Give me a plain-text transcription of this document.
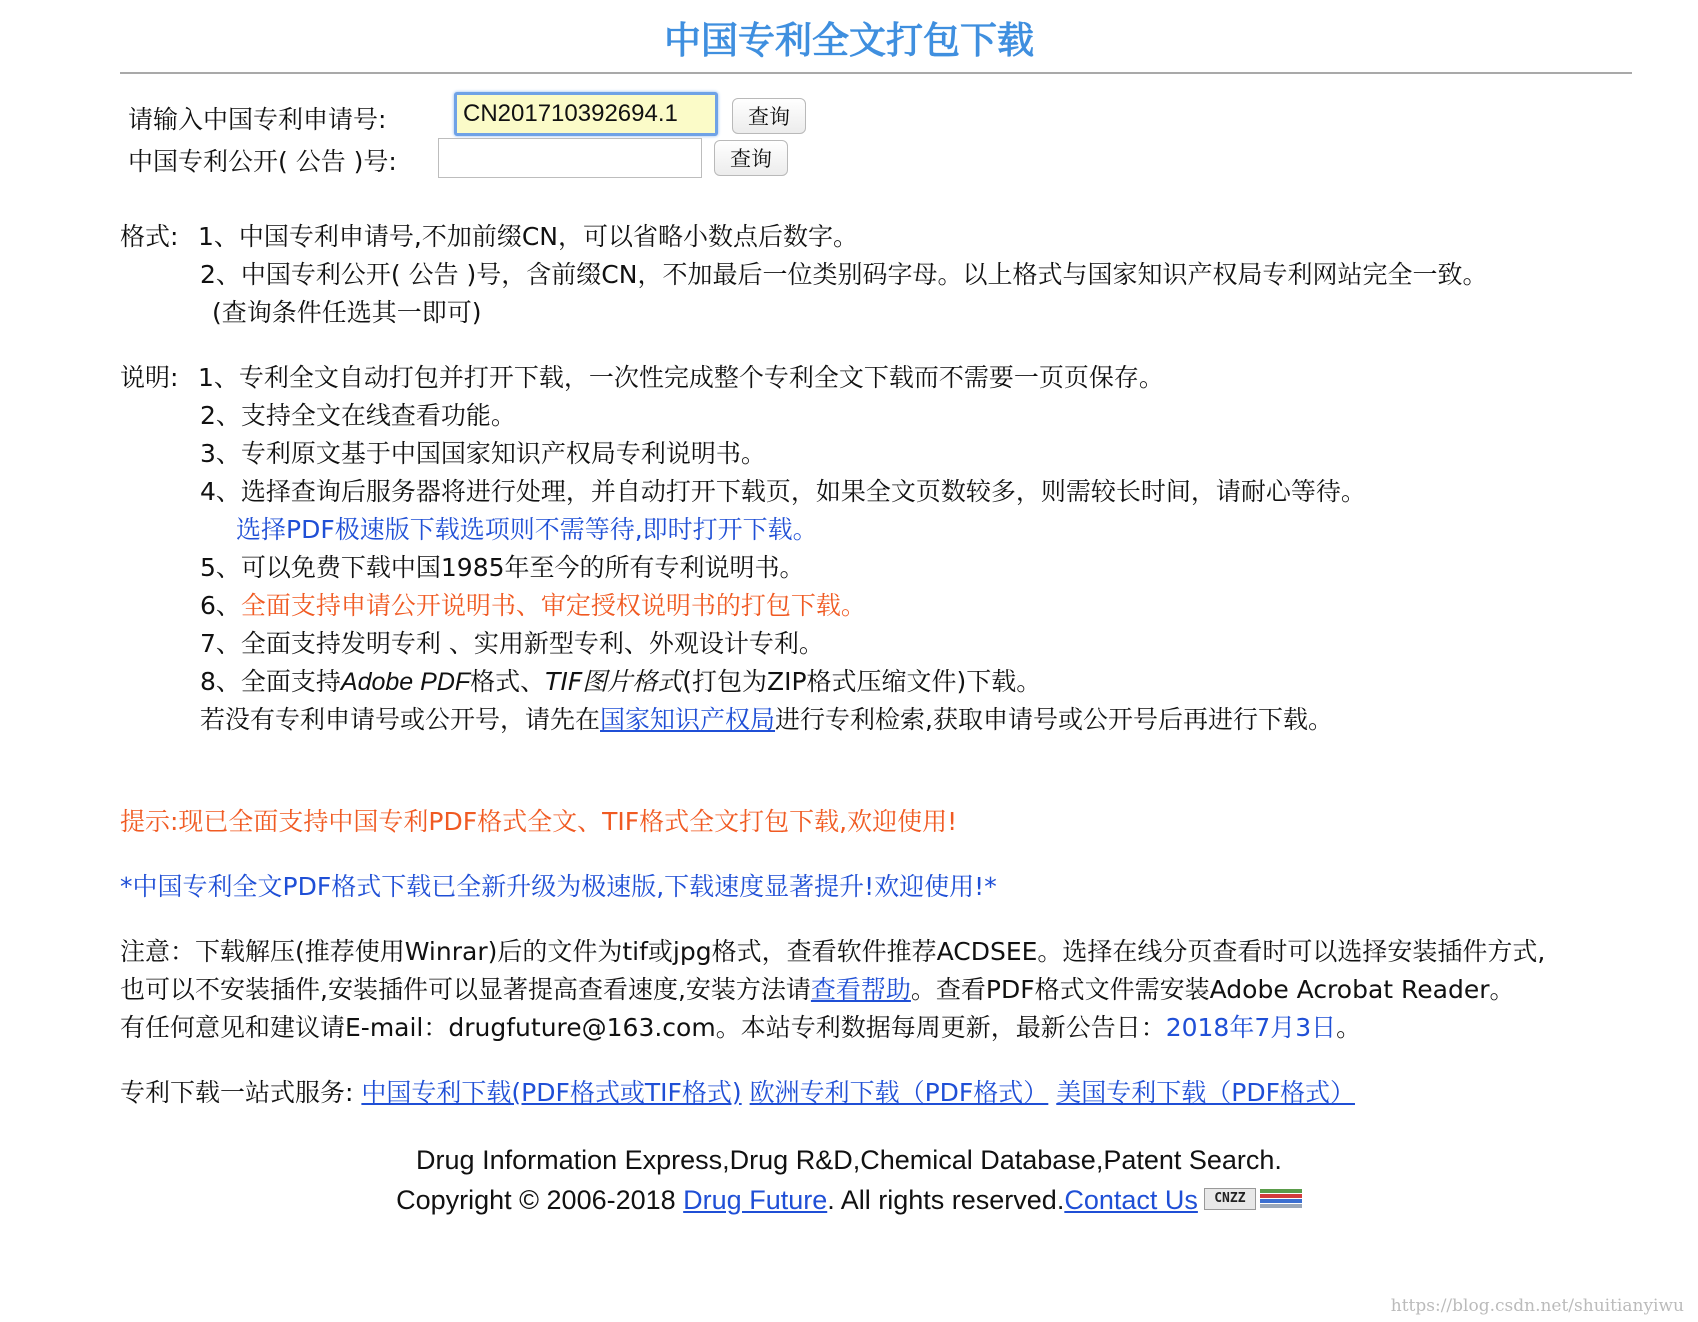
中国专利全文打包下载
请输入中国专利申请号:
CN201710392694.1	查询
中国专利公开( 公告 )号:	查询
格式: 1、中国专利申请号,不加前缀CN，可以省略小数点后数字。
2、中国专利公开( 公告 )号，含前缀CN，不加最后一位类别码字母。以上格式与国家知识产权局专利网站完全一致。
(查询条件任选其一即可)
说明: 1、专利全文自动打包并打开下载，一次性完成整个专利全文下载而不需要一页页保存。
2、支持全文在线查看功能。
3、专利原文基于中国国家知识产权局专利说明书。
4、选择查询后服务器将进行处理，并自动打开下载页，如果全文页数较多，则需较长时间，请耐心等待。
选择PDF极速版下载选项则不需等待,即时打开下载。
5、可以免费下载中国1985年至今的所有专利说明书。
6、全面支持申请公开说明书、审定授权说明书的打包下载。
7、全面支持发明专利 、实用新型专利、外观设计专利。
8、全面支持Adobe PDF格式、TIF图片格式(打包为ZIP格式压缩文件)下载。
若没有专利申请号或公开号，请先在国家知识产权局进行专利检索,获取申请号或公开号后再进行下载。
提示:现已全面支持中国专利PDF格式全文、TIF格式全文打包下载,欢迎使用!
*中国专利全文PDF格式下载已全新升级为极速版,下载速度显著提升!欢迎使用!*
注意：下载解压(推荐使用Winrar)后的文件为tif或jpg格式，查看软件推荐ACDSEE。选择在线分页查看时可以选择安装插件方式,
也可以不安装插件,安装插件可以显著提高查看速度,安装方法请查看帮助。查看PDF格式文件需安装Adobe Acrobat Reader。
有任何意见和建议请E-mail：drugfuture@163.com。本站专利数据每周更新，最新公告日：2018年7月3日。
专利下载一站式服务: 中国专利下载(PDF格式或TIF格式) 欧洲专利下载（PDF格式） 美国专利下载（PDF格式）
Drug Information Express,Drug R&D,Chemical Database,Patent Search.
Copyright © 2006-2018 Drug Future. All rights reserved.Contact Us	CNZZ
https://blog.csdn.net/shuitianyiwu
